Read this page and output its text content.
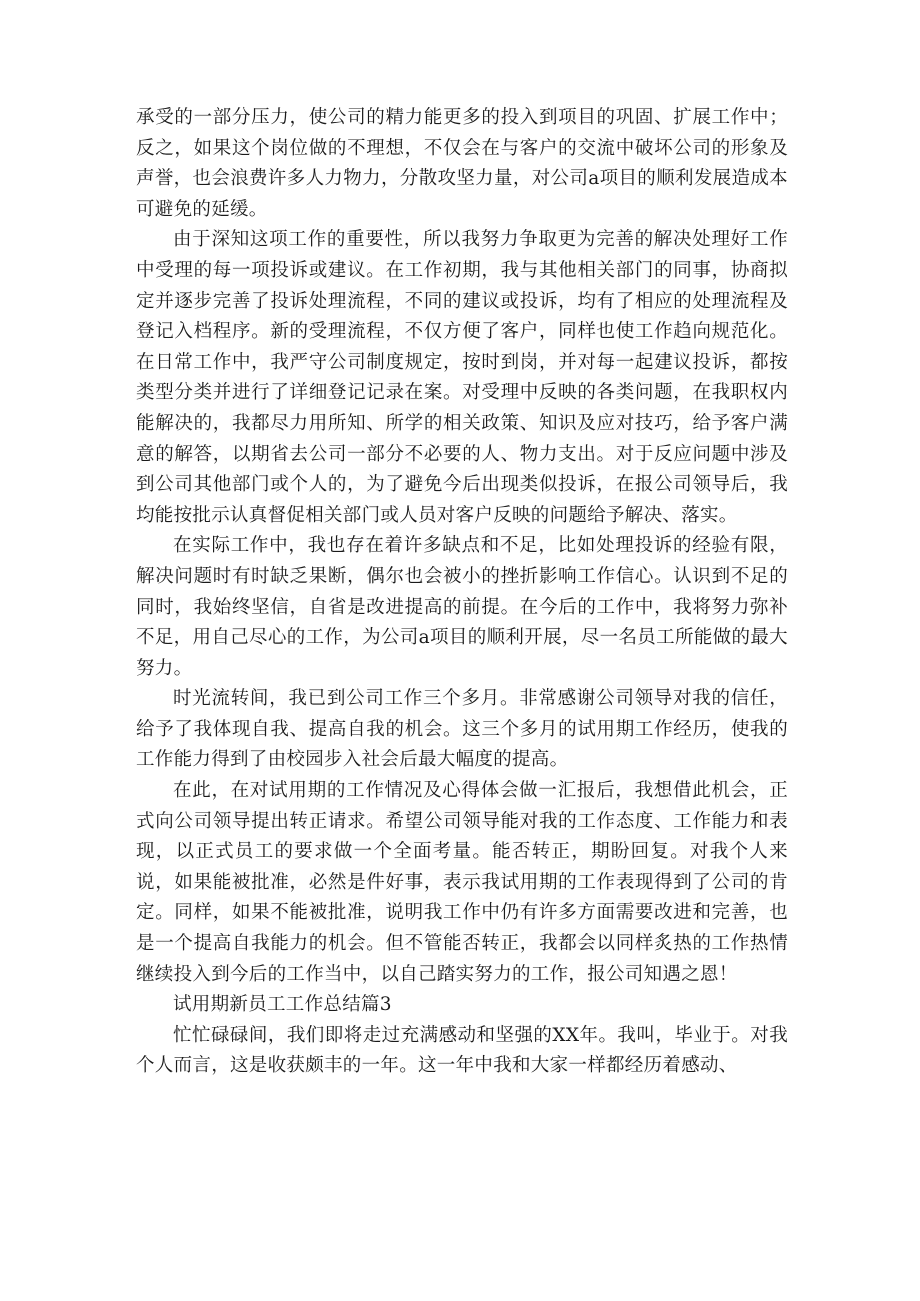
承受的一部分压力，使公司的精力能更多的投入到项目的巩固、扩展工作中；反之，如果这个岗位做的不理想，不仅会在与客户的交流中破坏公司的形象及声誉，也会浪费许多人力物力，分散攻坚力量，对公司a项目的顺利发展造成本可避免的延缓。

由于深知这项工作的重要性，所以我努力争取更为完善的解决处理好工作中受理的每一项投诉或建议。在工作初期，我与其他相关部门的同事，协商拟定并逐步完善了投诉处理流程，不同的建议或投诉，均有了相应的处理流程及登记入档程序。新的受理流程，不仅方便了客户，同样也使工作趋向规范化。在日常工作中，我严守公司制度规定，按时到岗，并对每一起建议投诉，都按类型分类并进行了详细登记记录在案。对受理中反映的各类问题，在我职权内能解决的，我都尽力用所知、所学的相关政策、知识及应对技巧，给予客户满意的解答，以期省去公司一部分不必要的人、物力支出。对于反应问题中涉及到公司其他部门或个人的，为了避免今后出现类似投诉，在报公司领导后，我均能按批示认真督促相关部门或人员对客户反映的问题给予解决、落实。

在实际工作中，我也存在着许多缺点和不足，比如处理投诉的经验有限，解决问题时有时缺乏果断，偶尔也会被小的挫折影响工作信心。认识到不足的同时，我始终坚信，自省是改进提高的前提。在今后的工作中，我将努力弥补不足，用自己尽心的工作，为公司a项目的顺利开展，尽一名员工所能做的最大努力。

时光流转间，我已到公司工作三个多月。非常感谢公司领导对我的信任，给予了我体现自我、提高自我的机会。这三个多月的试用期工作经历，使我的工作能力得到了由校园步入社会后最大幅度的提高。

在此，在对试用期的工作情况及心得体会做一汇报后，我想借此机会，正式向公司领导提出转正请求。希望公司领导能对我的工作态度、工作能力和表现，以正式员工的要求做一个全面考量。能否转正，期盼回复。对我个人来说，如果能被批准，必然是件好事，表示我试用期的工作表现得到了公司的肯定。同样，如果不能被批准，说明我工作中仍有许多方面需要改进和完善，也是一个提高自我能力的机会。但不管能否转正，我都会以同样炙热的工作热情继续投入到今后的工作当中，以自己踏实努力的工作，报公司知遇之恩！

试用期新员工工作总结篇3

忙忙碌碌间，我们即将走过充满感动和坚强的XX年。我叫，毕业于。对我个人而言，这是收获颇丰的一年。这一年中我和大家一样都经历着感动、
